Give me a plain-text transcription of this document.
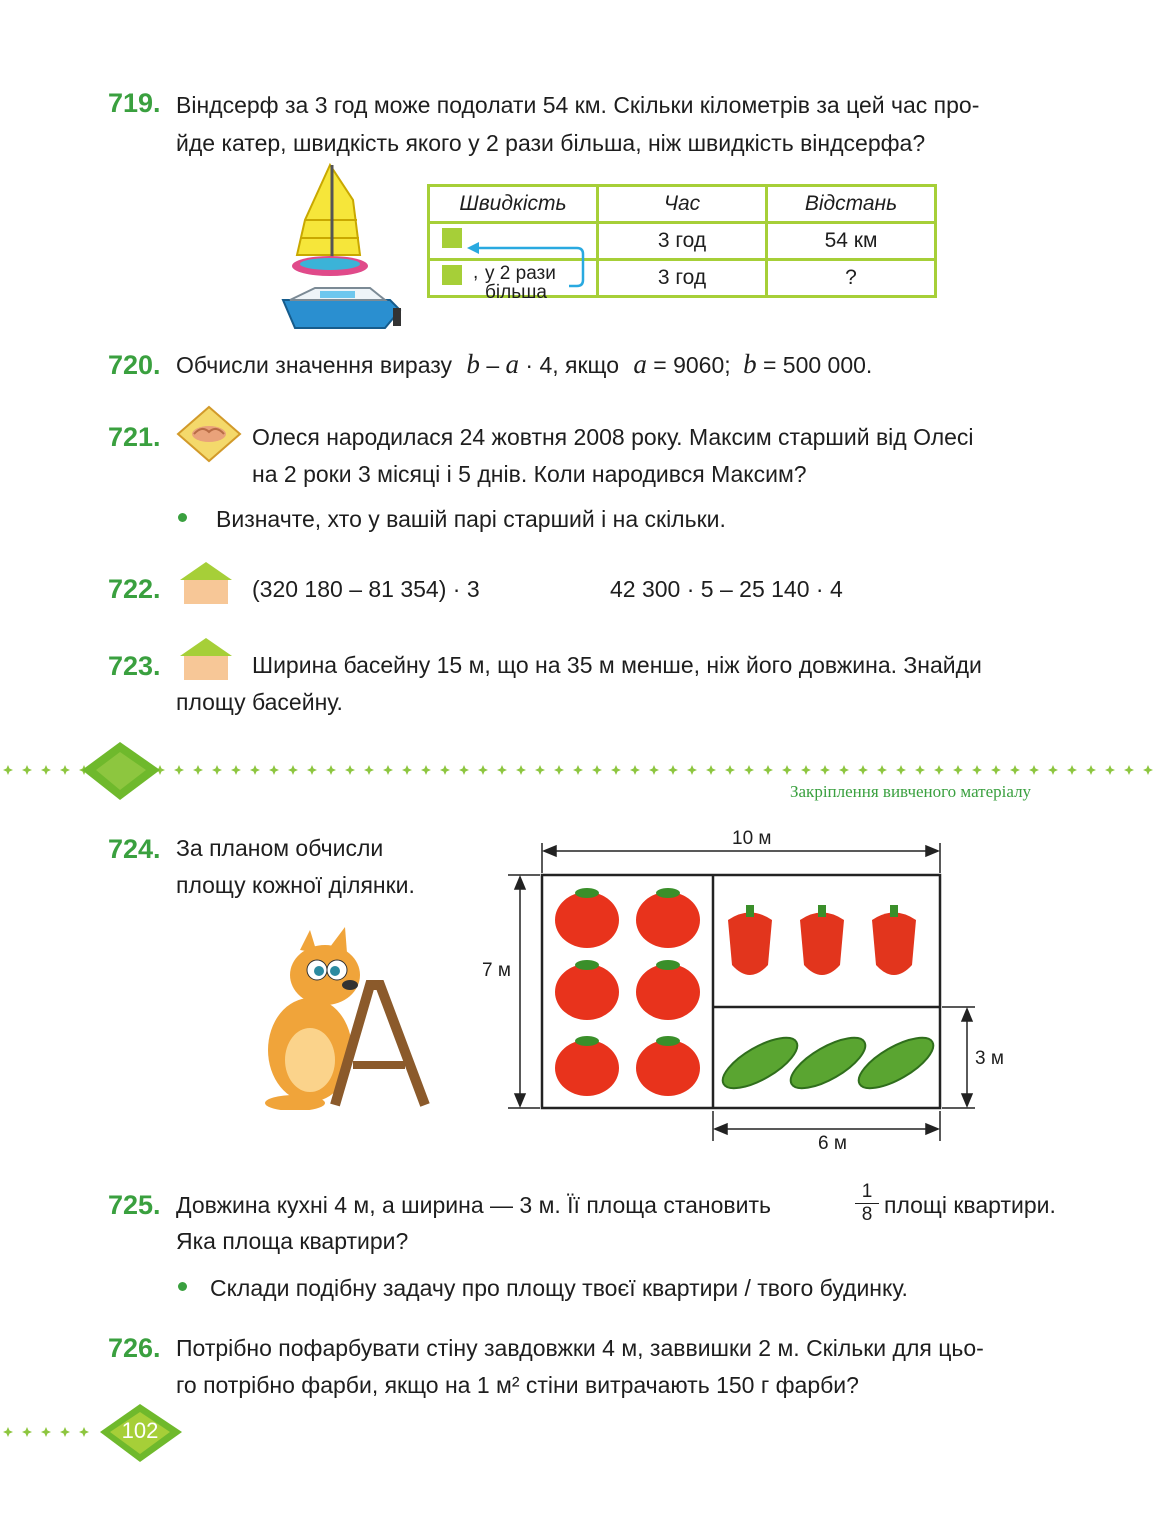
719. Віндсерф за 3 год може подолати 54 км. Скільки кілометрів за цей час про-
йде катер, швидкість якого у 2 рази більша, ніж швидкість віндсерфа?
Швидкість	Час	Відстань
	3 год	54 км
	3 год	?
, у 2 рази
більша
720. Обчисли значення виразу b – a · 4, якщо a = 9060; b = 500 000.
721.	Олеся народилася 24 жовтня 2008 року. Максим старший від Олесі
на 2 роки 3 місяці і 5 днів. Коли народився Максим?
Визначте, хто у вашій парі старший і на скільки.
722.	(320 180 – 81 354) · 3	42 300 · 5 – 25 140 · 4
723.	Ширина басейну 15 м, що на 35 м менше, ніж його довжина. Знайди
площу басейну.
Закріплення вивченого матеріалу
724. За планом обчисли
площу кожної ділянки.
10 м
7 м
3 м
6 м
725. Довжина кухні 4 м, а ширина — 3 м. Її площа становить
1
8 площі квартири.
Яка площа квартири?
Склади подібну задачу про площу твоєї квартири / твого будинку.
726. Потрібно пофарбувати стіну завдовжки 4 м, заввишки 2 м. Скільки для цьо-
го потрібно фарби, якщо на 1 м² стіни витрачають 150 г фарби?
102
